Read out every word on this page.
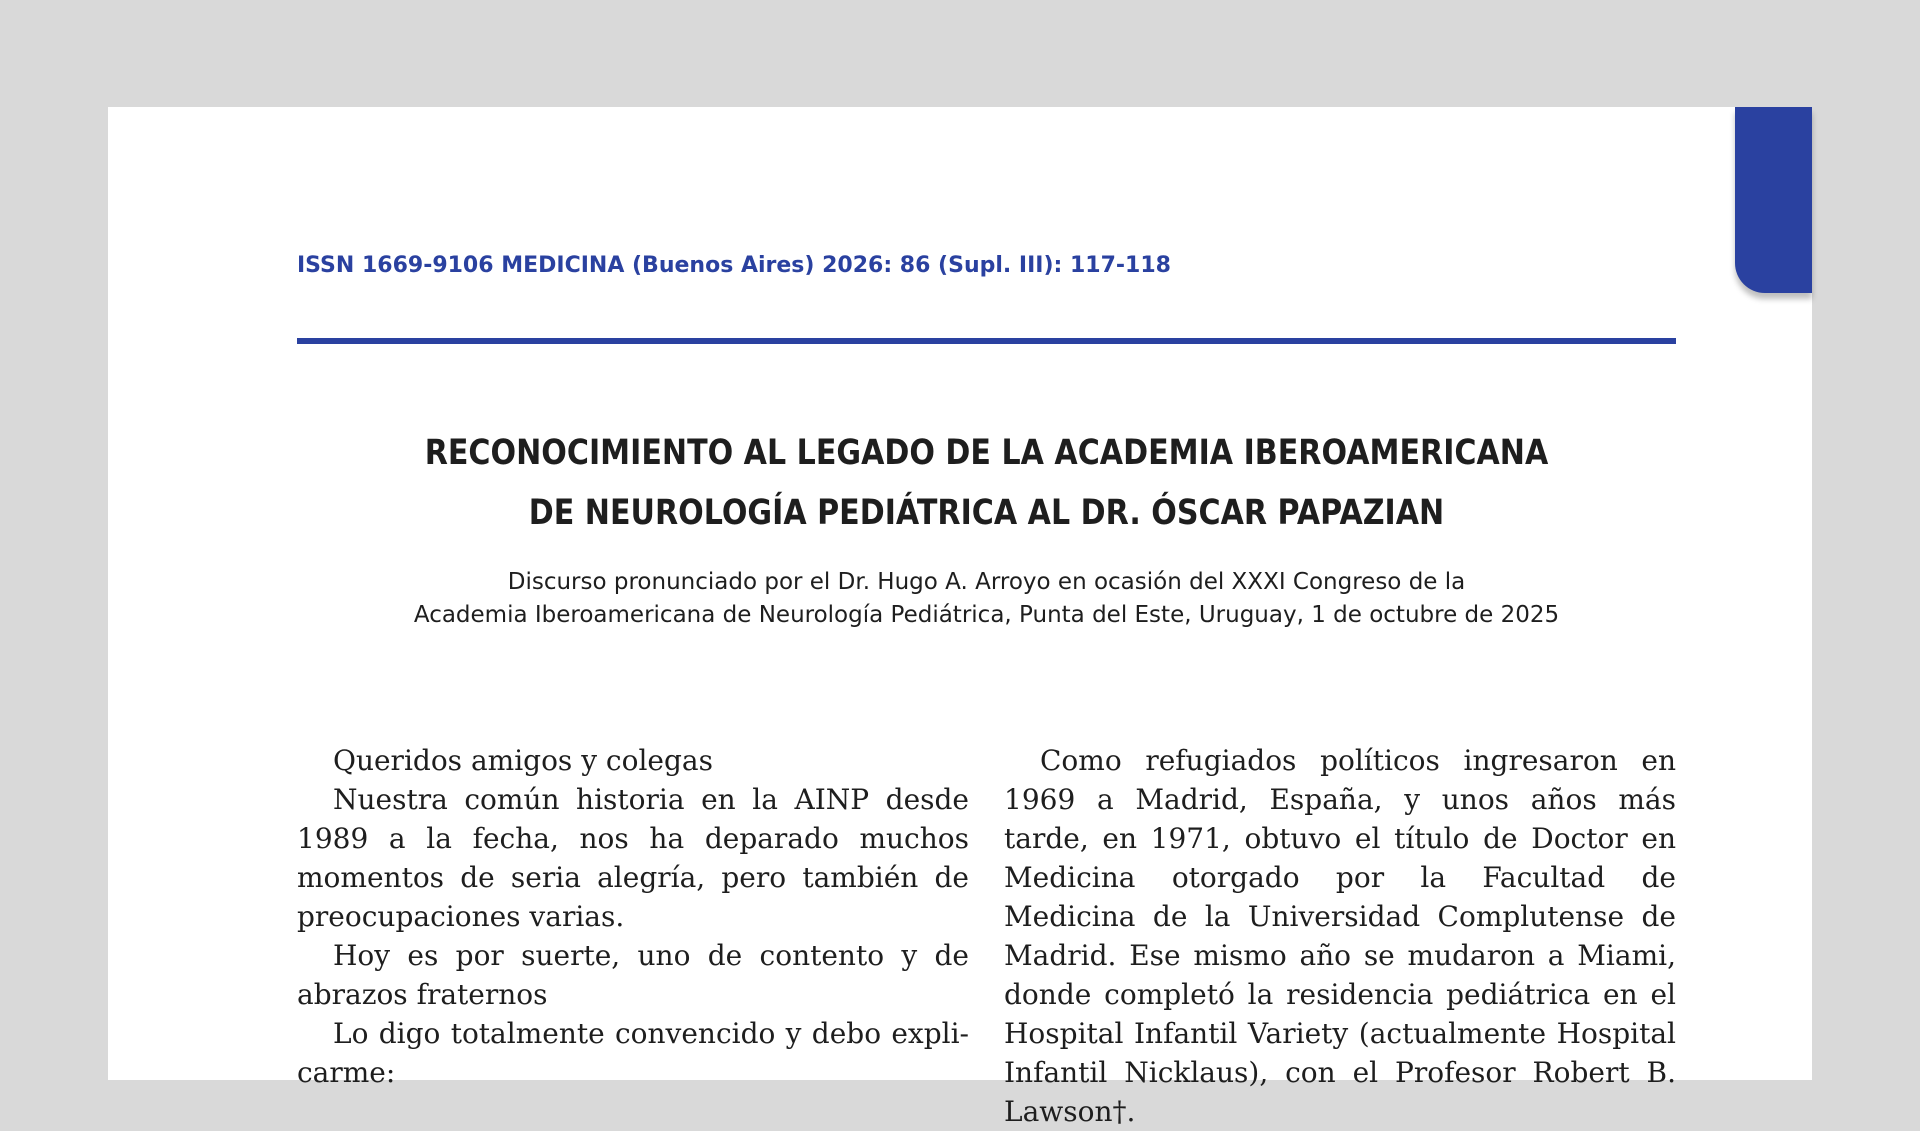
ISSN 1669-9106 MEDICINA (Buenos Aires) 2026: 86 (Supl. III): 117-118
RECONOCIMIENTO AL LEGADO DE LA ACADEMIA IBEROAMERICANA
DE NEUROLOGÍA PEDIÁTRICA AL DR. ÓSCAR PAPAZIAN
Discurso pronunciado por el Dr. Hugo A. Arroyo en ocasión del XXXI Congreso de la
Academia Iberoamericana de Neurología Pediátrica, Punta del Este, Uruguay, 1 de octubre de 2025

Queridos amigos y colegas

Nuestra común historia en la AINP desde 1989 a la fecha, nos ha deparado muchos momentos de seria alegría, pero también de preocupaciones varias.

Hoy es por suerte, uno de contento y de abrazos fraternos

Lo digo totalmente convencido y debo explicarme:

Como refugiados políticos ingresaron en 1969 a Madrid, España, y unos años más tarde, en 1971, obtuvo el título de Doctor en Medicina otorgado por la Facultad de Medicina de la Universidad Complutense de Madrid. Ese mismo año se mudaron a Miami, donde completó la residencia pediátrica en el Hospital Infantil Variety (actualmente Hospital Infantil Nicklaus), con el Profesor Robert B. Lawson†.
